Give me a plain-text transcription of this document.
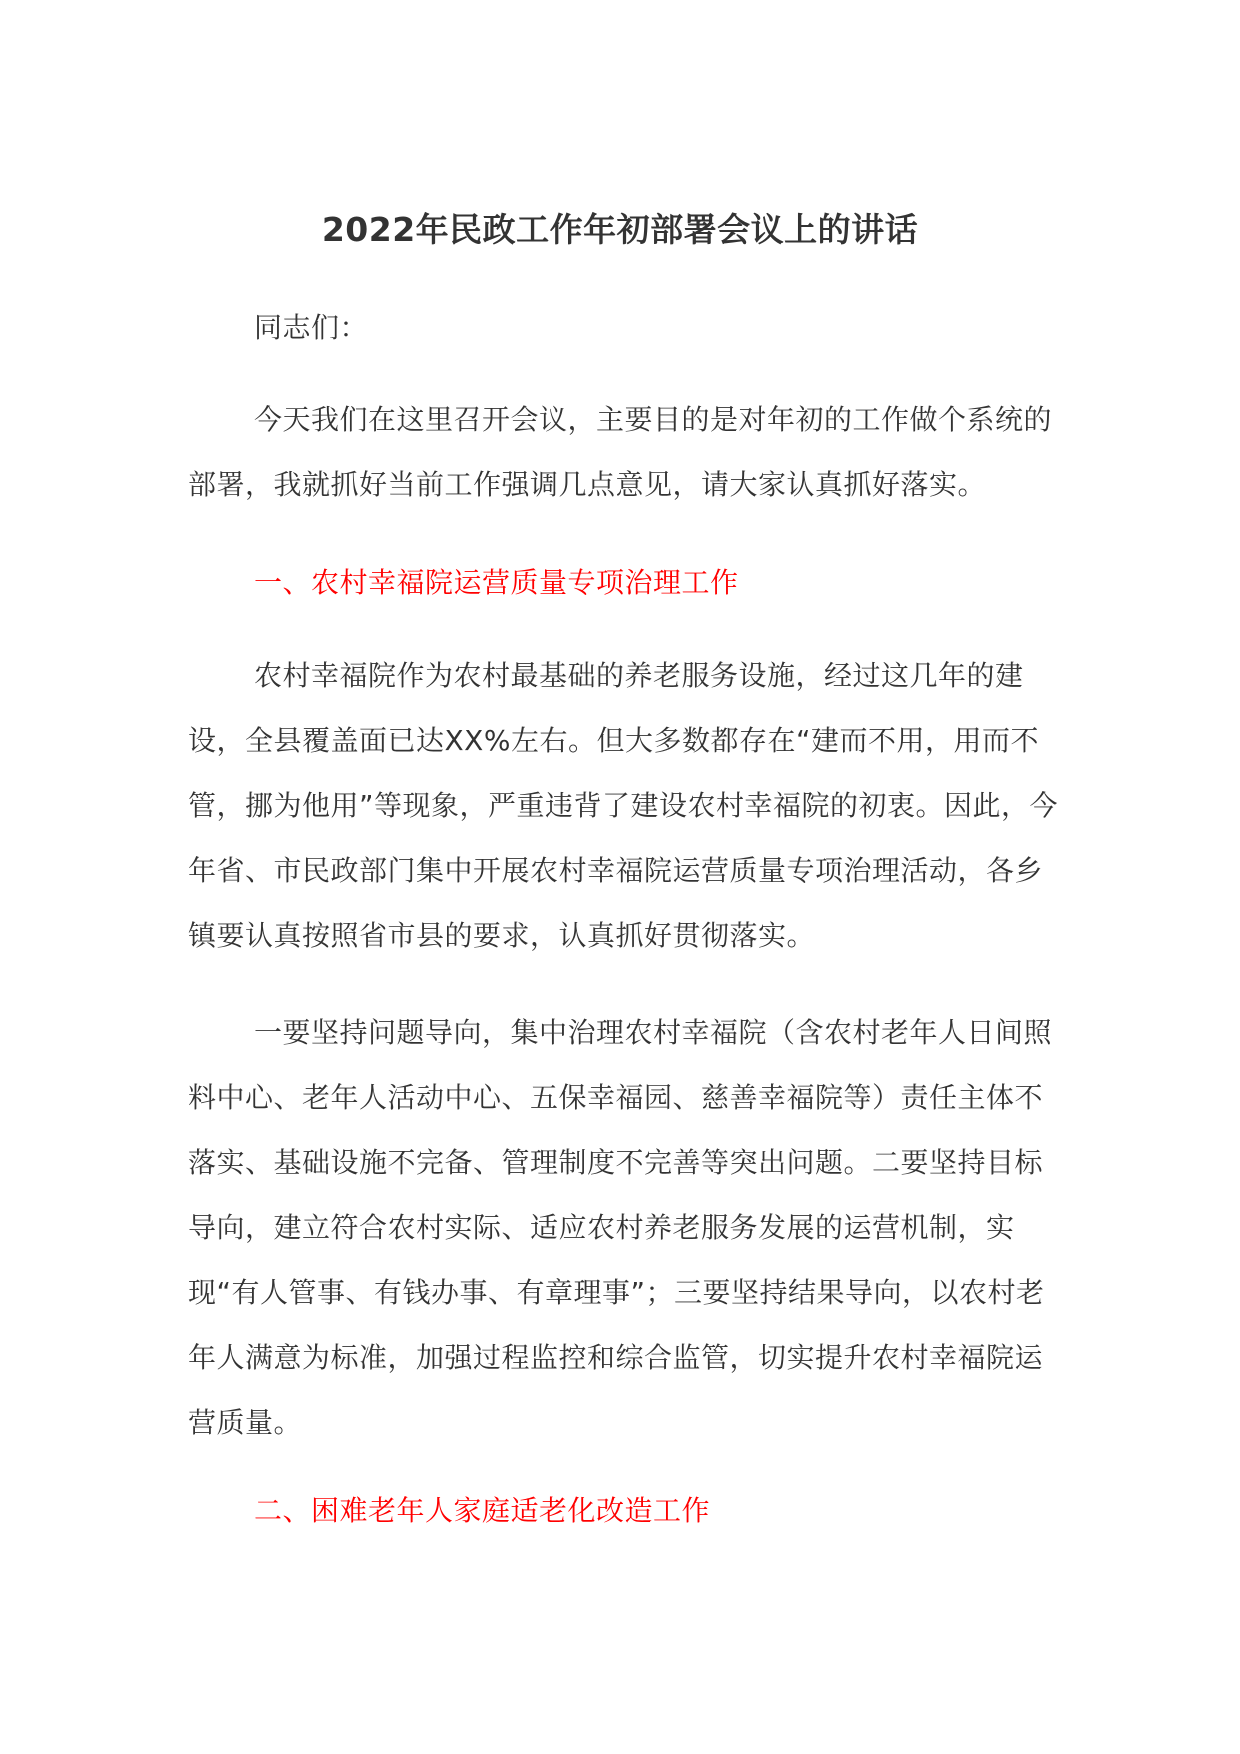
2022年民政工作年初部署会议上的讲话

同志们：

今天我们在这里召开会议，主要目的是对年初的工作做个系统的部署，我就抓好当前工作强调几点意见，请大家认真抓好落实。

一、农村幸福院运营质量专项治理工作

农村幸福院作为农村最基础的养老服务设施，经过这几年的建设，全县覆盖面已达XX%左右。但大多数都存在“建而不用，用而不管，挪为他用”等现象，严重违背了建设农村幸福院的初衷。因此，今年省、市民政部门集中开展农村幸福院运营质量专项治理活动，各乡镇要认真按照省市县的要求，认真抓好贯彻落实。

一要坚持问题导向，集中治理农村幸福院（含农村老年人日间照料中心、老年人活动中心、五保幸福园、慈善幸福院等）责任主体不落实、基础设施不完备、管理制度不完善等突出问题。二要坚持目标导向，建立符合农村实际、适应农村养老服务发展的运营机制，实现“有人管事、有钱办事、有章理事”；三要坚持结果导向，以农村老年人满意为标准，加强过程监控和综合监管，切实提升农村幸福院运营质量。

二、困难老年人家庭适老化改造工作
